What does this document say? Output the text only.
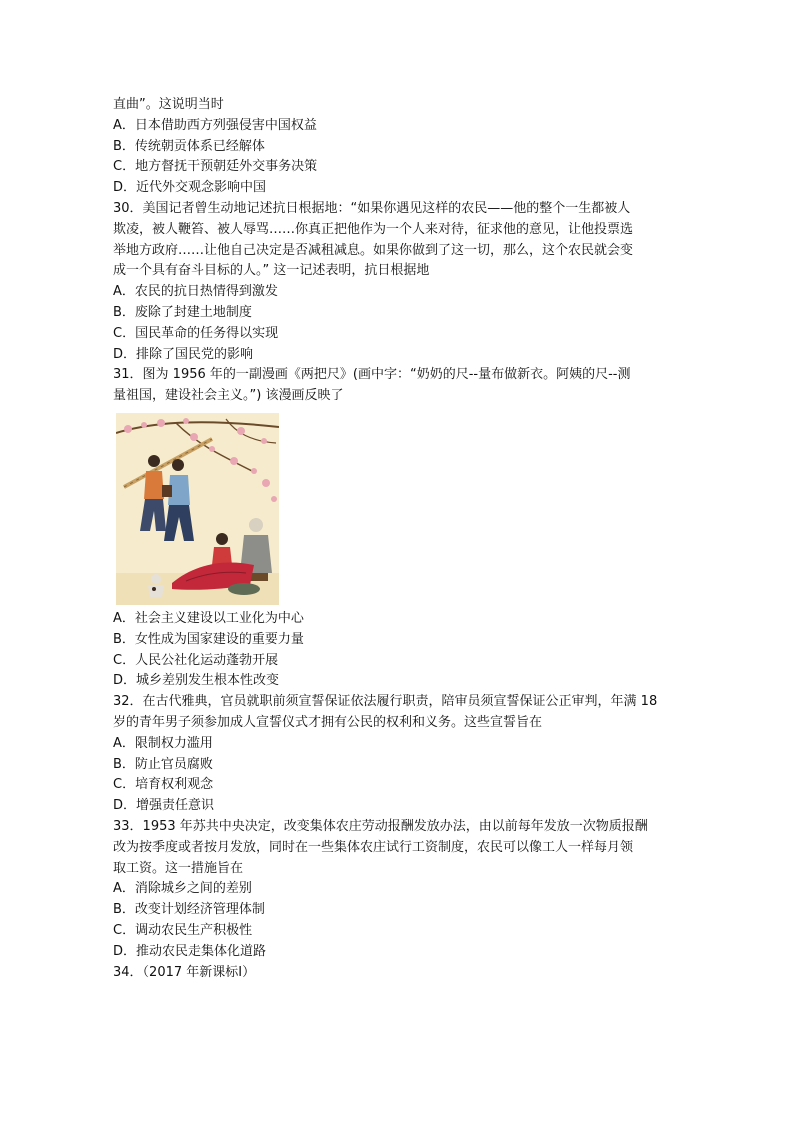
直曲”。这说明当时
A．日本借助西方列强侵害中国权益
B．传统朝贡体系已经解体
C．地方督抚干预朝廷外交事务决策
D．近代外交观念影响中国
30．美国记者曾生动地记述抗日根据地：“如果你遇见这样的农民——他的整个一生都被人
欺凌，被人鞭笞、被人辱骂……你真正把他作为一个人来对待，征求他的意见，让他投票选
举地方政府……让他自己决定是否减租减息。如果你做到了这一切，那么，这个农民就会变
成一个具有奋斗目标的人。” 这一记述表明，抗日根据地
A．农民的抗日热情得到激发
B．废除了封建土地制度
C．国民革命的任务得以实现
D．排除了国民党的影响
31．图为 1956 年的一副漫画《两把尺》(画中字：“奶奶的尺--量布做新衣。阿姨的尺--测
量祖国，建设社会主义。”) 该漫画反映了
A．社会主义建设以工业化为中心
B．女性成为国家建设的重要力量
C．人民公社化运动蓬勃开展
D．城乡差别发生根本性改变
32．在古代雅典，官员就职前须宣誓保证依法履行职责，陪审员须宣誓保证公正审判，年满 18
岁的青年男子须参加成人宣誓仪式才拥有公民的权利和义务。这些宣誓旨在
A．限制权力滥用
B．防止官员腐败
C．培育权利观念
D．增强责任意识
33．1953 年苏共中央决定，改变集体农庄劳动报酬发放办法，由以前每年发放一次物质报酬
改为按季度或者按月发放，同时在一些集体农庄试行工资制度，农民可以像工人一样每月领
取工资。这一措施旨在
A．消除城乡之间的差别
B．改变计划经济管理体制
C．调动农民生产积极性
D．推动农民走集体化道路
34．（2017 年新课标Ⅰ）
